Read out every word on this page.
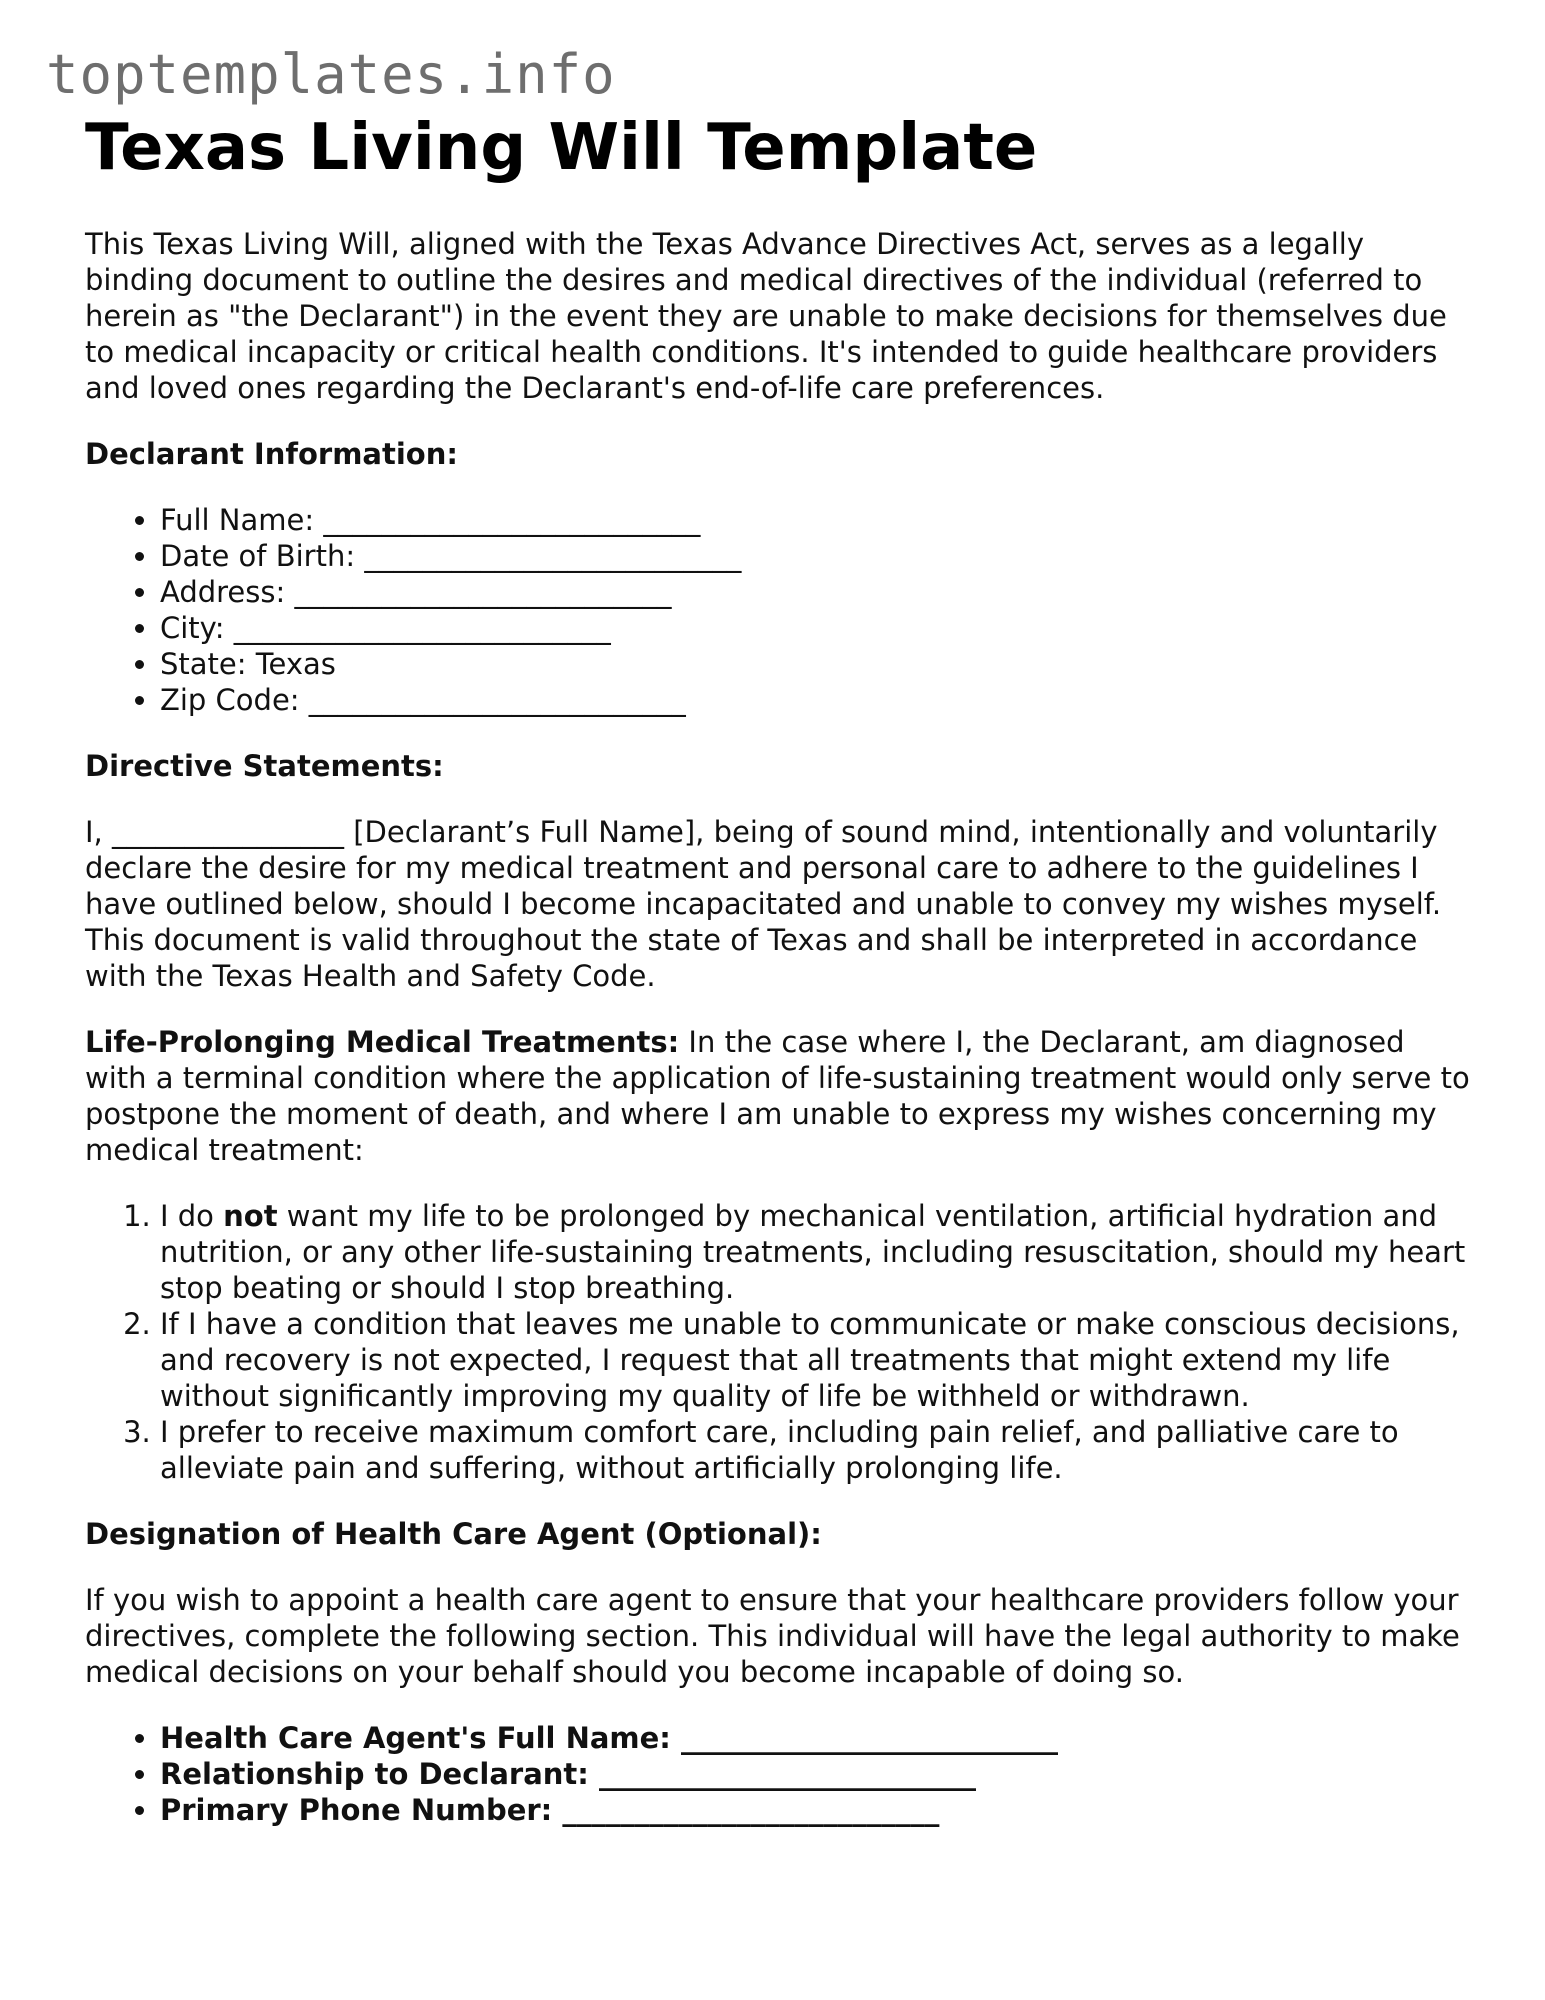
toptemplates.info
Texas Living Will Template

This Texas Living Will, aligned with the Texas Advance Directives Act, serves as a legally binding document to outline the desires and medical directives of the individual (referred to herein as "the Declarant") in the event they are unable to make decisions for themselves due to medical incapacity or critical health conditions. It's intended to guide healthcare providers and loved ones regarding the Declarant's end-of-life care preferences.

Declarant Information:
• Full Name: __________________________
• Date of Birth: __________________________
• Address: __________________________
• City: __________________________
• State: Texas
• Zip Code: __________________________
Directive Statements:

I, ________________ [Declarant’s Full Name], being of sound mind, intentionally and voluntarily declare the desire for my medical treatment and personal care to adhere to the guidelines I have outlined below, should I become incapacitated and unable to convey my wishes myself. This document is valid throughout the state of Texas and shall be interpreted in accordance with the Texas Health and Safety Code.

Life-Prolonging Medical Treatments: In the case where I, the Declarant, am diagnosed with a terminal condition where the application of life-sustaining treatment would only serve to postpone the moment of death, and where I am unable to express my wishes concerning my medical treatment:

1. I do not want my life to be prolonged by mechanical ventilation, artificial hydration and nutrition, or any other life-sustaining treatments, including resuscitation, should my heart stop beating or should I stop breathing.
2. If I have a condition that leaves me unable to communicate or make conscious decisions, and recovery is not expected, I request that all treatments that might extend my life without significantly improving my quality of life be withheld or withdrawn.
3. I prefer to receive maximum comfort care, including pain relief, and palliative care to alleviate pain and suffering, without artificially prolonging life.
Designation of Health Care Agent (Optional):

If you wish to appoint a health care agent to ensure that your healthcare providers follow your directives, complete the following section. This individual will have the legal authority to make medical decisions on your behalf should you become incapable of doing so.

• Health Care Agent's Full Name: __________________________
• Relationship to Declarant: __________________________
• Primary Phone Number: __________________________
